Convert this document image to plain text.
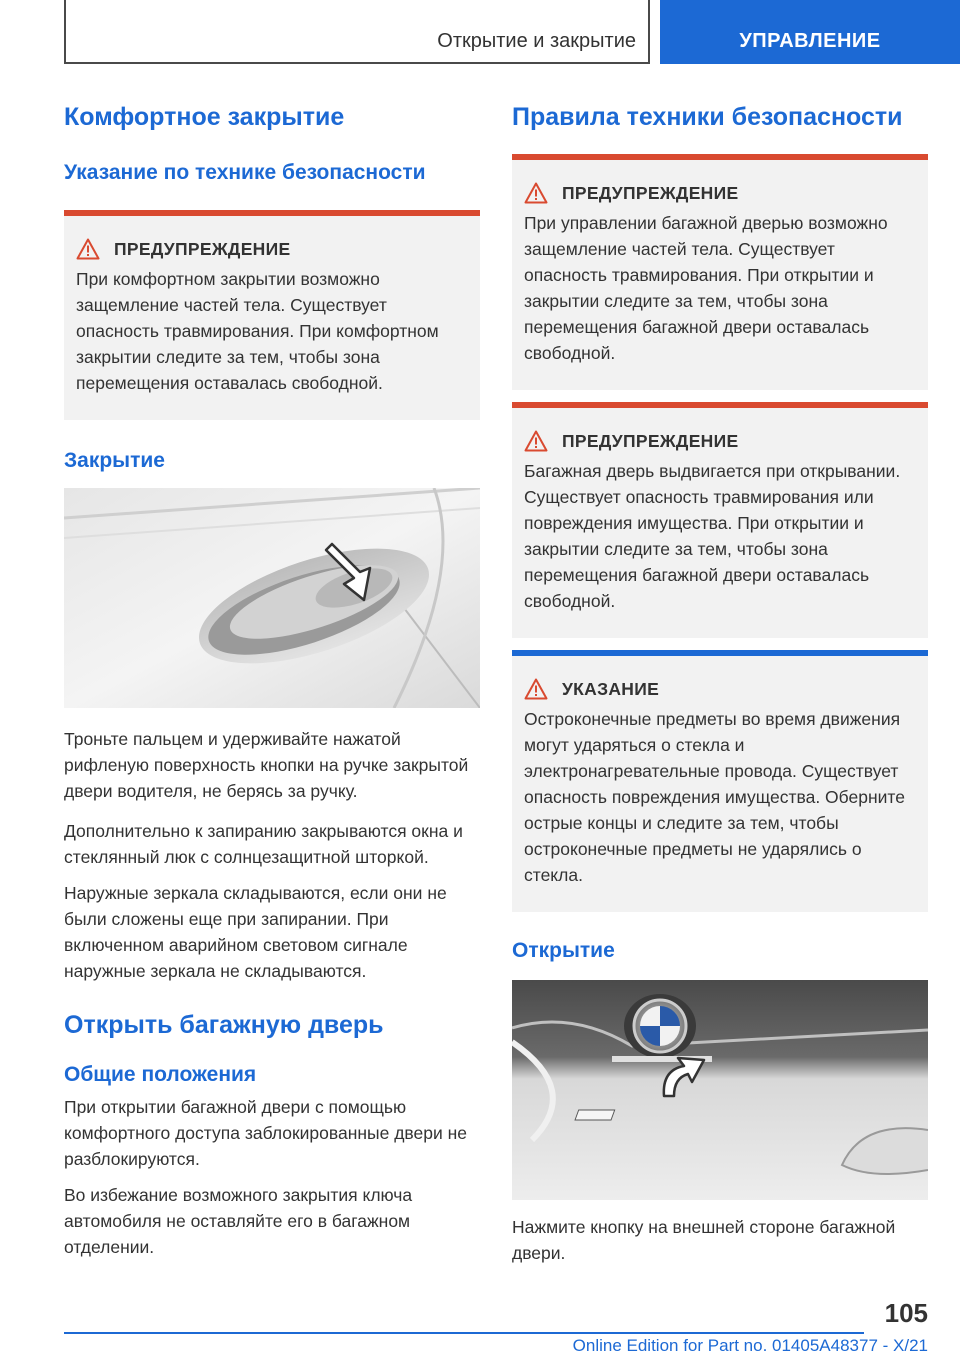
Открытие и закрытие	УПРАВЛЕНИЕ
Комфортное закрытие
Указание по технике безопасности
ПРЕДУПРЕЖДЕНИЕ

При комфортном закрытии возможно защемление частей тела. Существует опасность травмирования. При комфортном закрытии следите за тем, чтобы зона перемещения оставалась свободной.

Закрытие

Троньте пальцем и удерживайте нажатой рифленую поверхность кнопки на ручке закрытой двери водителя, не берясь за ручку.

Дополнительно к запиранию закрываются окна и стеклянный люк с солнцезащитной шторкой.

Наружные зеркала складываются, если они не были сложены еще при запирании. При включенном аварийном световом сигнале наружные зеркала не складываются.

Открыть багажную дверь
Общие положения

При открытии багажной двери с помощью комфортного доступа заблокированные двери не разблокируются.

Во избежание возможного закрытия ключа автомобиля не оставляйте его в багажном отделении.

Правила техники безопасности
ПРЕДУПРЕЖДЕНИЕ

При управлении багажной дверью возможно защемление частей тела. Существует опасность травмирования. При открытии и закрытии следите за тем, чтобы зона перемещения багажной двери оставалась свободной.

ПРЕДУПРЕЖДЕНИЕ

Багажная дверь выдвигается при открывании. Существует опасность травмирования или повреждения имущества. При открытии и закрытии следите за тем, чтобы зона перемещения багажной двери оставалась свободной.

УКАЗАНИЕ

Остроконечные предметы во время движения могут ударяться о стекла и электронагревательные провода. Существует опасность повреждения имущества. Оберните острые концы и следите за тем, чтобы остроконечные предметы не ударялись о стекла.

Открытие

Нажмите кнопку на внешней стороне багажной двери.

105
Online Edition for Part no. 01405A48377 - X/21
